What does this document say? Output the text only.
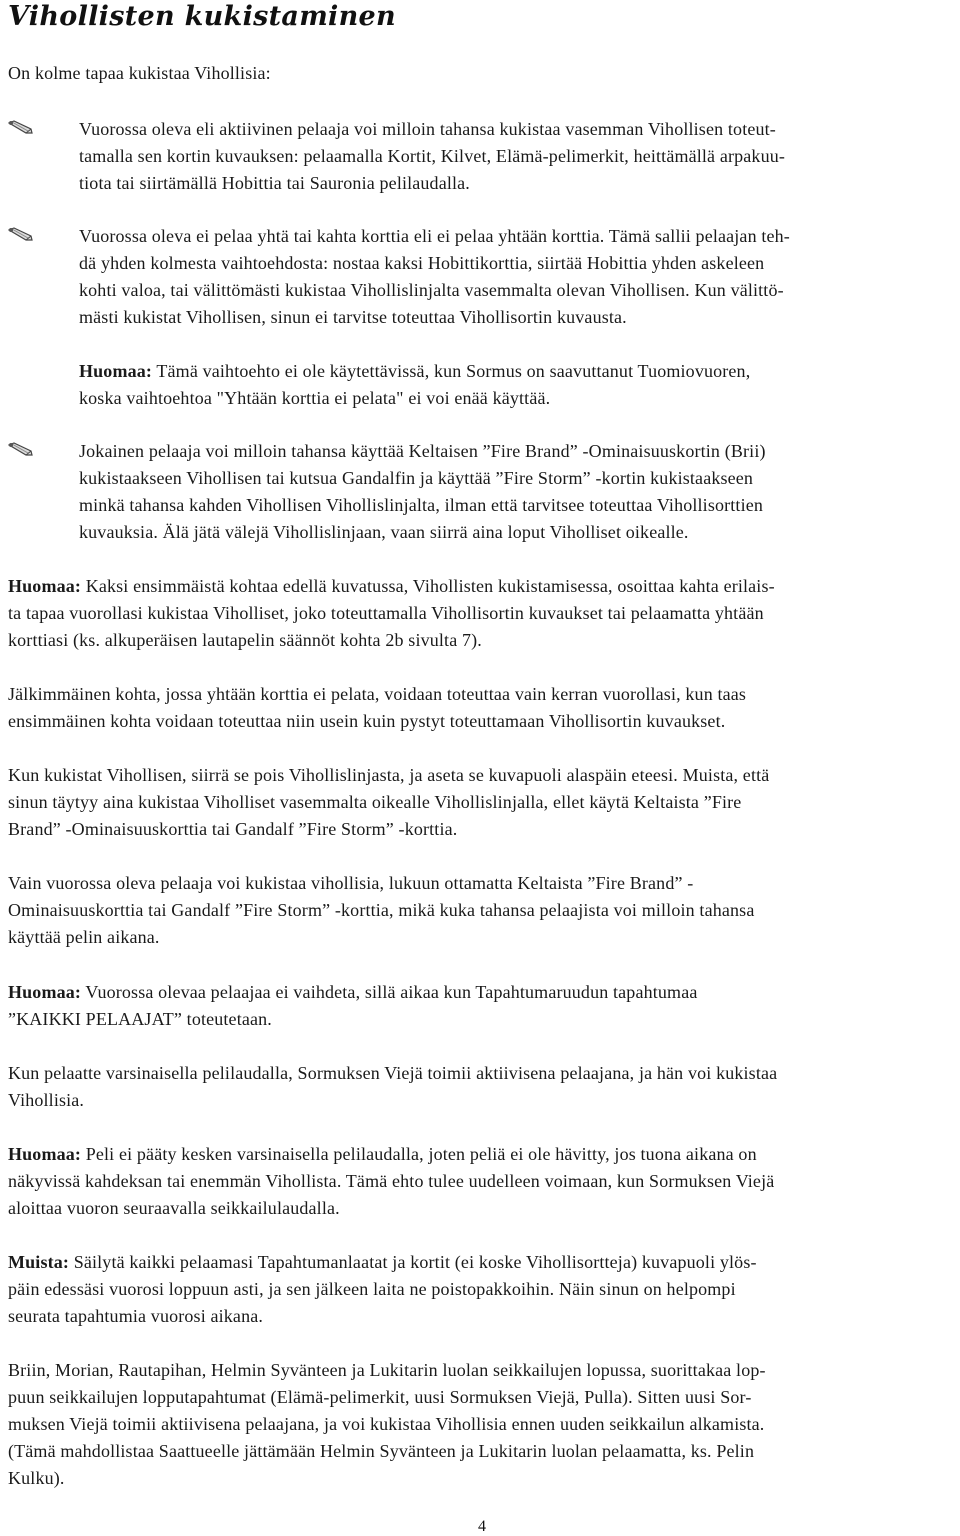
Vihollisten kukistaminen

On kolme tapaa kukistaa Vihollisia:

Vuorossa oleva eli aktiivinen pelaaja voi milloin tahansa kukistaa vasemman Vihollisen toteut-
tamalla sen kortin kuvauksen: pelaamalla Kortit, Kilvet, Elämä-pelimerkit, heittämällä arpakuu-
tiota tai siirtämällä Hobittia tai Sauronia pelilaudalla.
Vuorossa oleva ei pelaa yhtä tai kahta korttia eli ei pelaa yhtään korttia. Tämä sallii pelaajan teh-
dä yhden kolmesta vaihtoehdosta: nostaa kaksi Hobittikorttia, siirtää Hobittia yhden askeleen
kohti valoa, tai välittömästi kukistaa Vihollislinjalta vasemmalta olevan Vihollisen. Kun välittö-
mästi kukistat Vihollisen, sinun ei tarvitse toteuttaa Vihollisortin kuvausta.
Huomaa: Tämä vaihtoehto ei ole käytettävissä, kun Sormus on saavuttanut Tuomiovuoren,
koska vaihtoehtoa "Yhtään korttia ei pelata" ei voi enää käyttää.
Jokainen pelaaja voi milloin tahansa käyttää Keltaisen ”Fire Brand” -Ominaisuuskortin (Brii)
kukistaakseen Vihollisen tai kutsua Gandalfin ja käyttää ”Fire Storm” -kortin kukistaakseen
minkä tahansa kahden Vihollisen Vihollislinjalta, ilman että tarvitsee toteuttaa Vihollisorttien
kuvauksia. Älä jätä välejä Vihollislinjaan, vaan siirrä aina loput Viholliset oikealle.
Huomaa: Kaksi ensimmäistä kohtaa edellä kuvatussa, Vihollisten kukistamisessa, osoittaa kahta erilais-
ta tapaa vuorollasi kukistaa Viholliset, joko toteuttamalla Vihollisortin kuvaukset tai pelaamatta yhtään
korttiasi (ks. alkuperäisen lautapelin säännöt kohta 2b sivulta 7).
Jälkimmäinen kohta, jossa yhtään korttia ei pelata, voidaan toteuttaa vain kerran vuorollasi, kun taas
ensimmäinen kohta voidaan toteuttaa niin usein kuin pystyt toteuttamaan Vihollisortin kuvaukset.
Kun kukistat Vihollisen, siirrä se pois Vihollislinjasta, ja aseta se kuvapuoli alaspäin eteesi. Muista, että
sinun täytyy aina kukistaa Viholliset vasemmalta oikealle Vihollislinjalla, ellet käytä Keltaista ”Fire
Brand” -Ominaisuuskorttia tai Gandalf ”Fire Storm” -korttia.
Vain vuorossa oleva pelaaja voi kukistaa vihollisia, lukuun ottamatta Keltaista ”Fire Brand” -
Ominaisuuskorttia tai Gandalf ”Fire Storm” -korttia, mikä kuka tahansa pelaajista voi milloin tahansa
käyttää pelin aikana.
Huomaa: Vuorossa olevaa pelaajaa ei vaihdeta, sillä aikaa kun Tapahtumaruudun tapahtumaa
”KAIKKI PELAAJAT” toteutetaan.
Kun pelaatte varsinaisella pelilaudalla, Sormuksen Viejä toimii aktiivisena pelaajana, ja hän voi kukistaa
Vihollisia.
Huomaa: Peli ei pääty kesken varsinaisella pelilaudalla, joten peliä ei ole hävitty, jos tuona aikana on
näkyvissä kahdeksan tai enemmän Vihollista. Tämä ehto tulee uudelleen voimaan, kun Sormuksen Viejä
aloittaa vuoron seuraavalla seikkailulaudalla.
Muista: Säilytä kaikki pelaamasi Tapahtumanlaatat ja kortit (ei koske Vihollisortteja) kuvapuoli ylös-
päin edessäsi vuorosi loppuun asti, ja sen jälkeen laita ne poistopakkoihin. Näin sinun on helpompi
seurata tapahtumia vuorosi aikana.
Briin, Morian, Rautapihan, Helmin Syvänteen ja Lukitarin luolan seikkailujen lopussa, suorittakaa lop-
puun seikkailujen lopputapahtumat (Elämä-pelimerkit, uusi Sormuksen Viejä, Pulla). Sitten uusi Sor-
muksen Viejä toimii aktiivisena pelaajana, ja voi kukistaa Vihollisia ennen uuden seikkailun alkamista.
(Tämä mahdollistaa Saattueelle jättämään Helmin Syvänteen ja Lukitarin luolan pelaamatta, ks. Pelin
Kulku).
4
